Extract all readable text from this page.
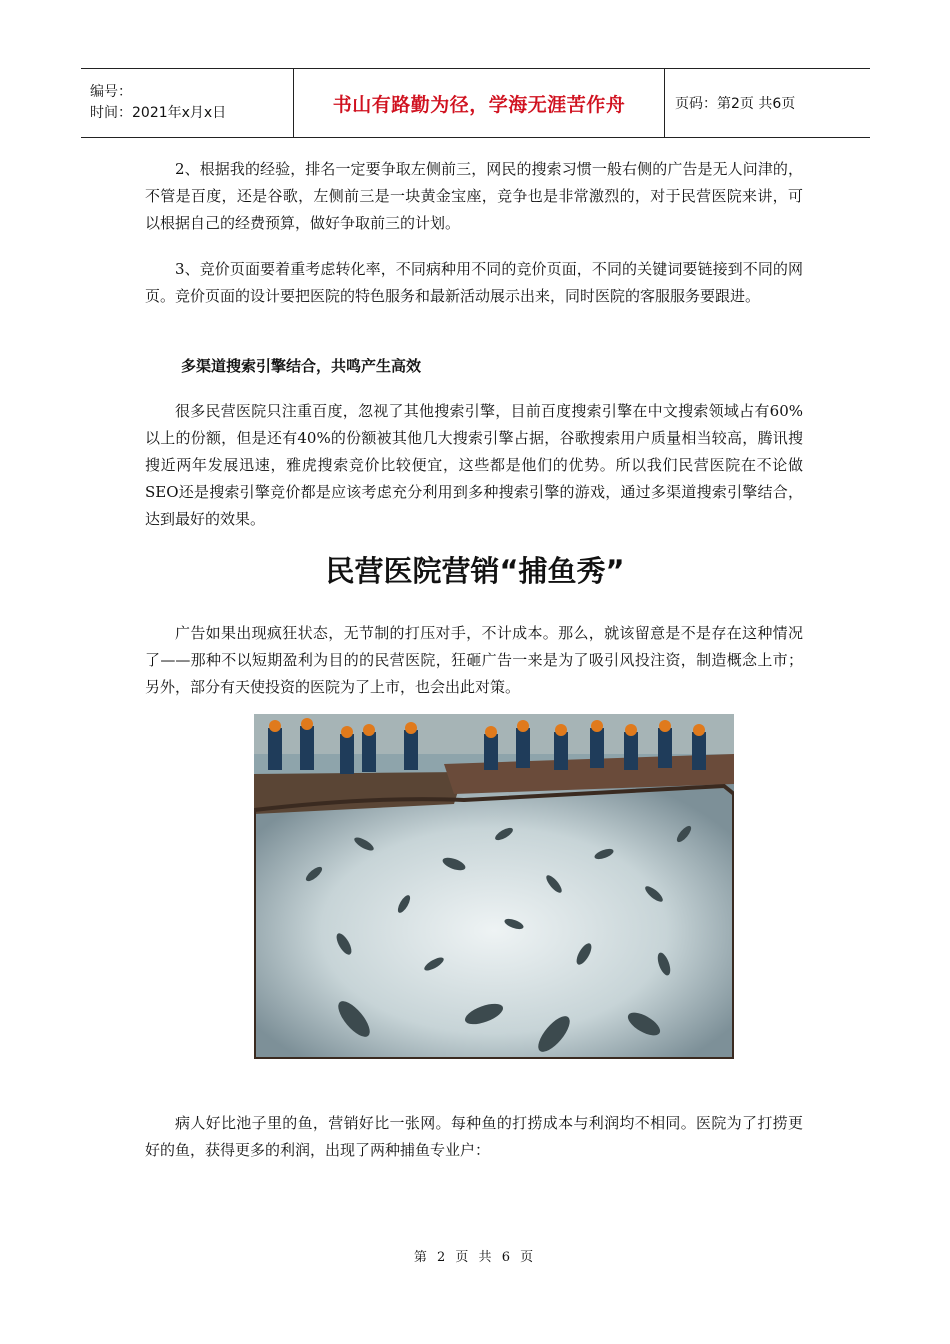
编号：
时间：2021年x月x日	书山有路勤为径，学海无涯苦作舟	页码：第2页 共6页

2、根据我的经验，排名一定要争取左侧前三，网民的搜索习惯一般右侧的广告是无人问津的，不管是百度，还是谷歌，左侧前三是一块黄金宝座，竞争也是非常激烈的，对于民营医院来讲，可以根据自己的经费预算，做好争取前三的计划。

3、竞价页面要着重考虑转化率，不同病种用不同的竞价页面，不同的关键词要链接到不同的网页。竞价页面的设计要把医院的特色服务和最新活动展示出来，同时医院的客服服务要跟进。

多渠道搜索引擎结合，共鸣产生高效

很多民营医院只注重百度，忽视了其他搜索引擎，目前百度搜索引擎在中文搜索领域占有60%以上的份额，但是还有40%的份额被其他几大搜索引擎占据，谷歌搜索用户质量相当较高，腾讯搜搜近两年发展迅速，雅虎搜索竞价比较便宜，这些都是他们的优势。所以我们民营医院在不论做SEO还是搜索引擎竞价都是应该考虑充分利用到多种搜索引擎的游戏，通过多渠道搜索引擎结合，达到最好的效果。

民营医院营销“捕鱼秀”

广告如果出现疯狂状态，无节制的打压对手，不计成本。那么，就该留意是不是存在这种情况了——那种不以短期盈利为目的的民营医院，狂砸广告一来是为了吸引风投注资，制造概念上市；另外，部分有天使投资的医院为了上市，也会出此对策。

病人好比池子里的鱼，营销好比一张网。每种鱼的打捞成本与利润均不相同。医院为了打捞更好的鱼，获得更多的利润，出现了两种捕鱼专业户：

第 2 页 共 6 页
